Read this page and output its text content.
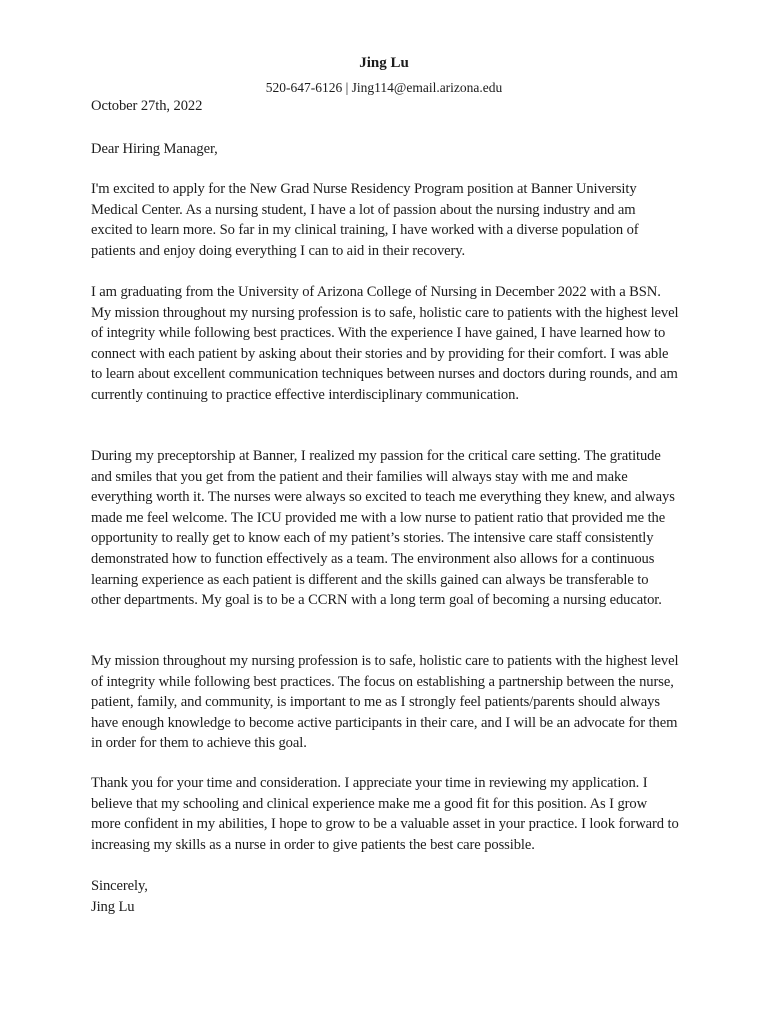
Jing Lu
520-647-6126 | Jing114@email.arizona.edu
October 27th, 2022
Dear Hiring Manager,

I'm excited to apply for the New Grad Nurse Residency Program position at Banner University Medical Center. As a nursing student, I have a lot of passion about the nursing industry and am excited to learn more. So far in my clinical training, I have worked with a diverse population of patients and enjoy doing everything I can to aid in their recovery.

I am graduating from the University of Arizona College of Nursing in December 2022 with a BSN. My mission throughout my nursing profession is to safe, holistic care to patients with the highest level of integrity while following best practices. With the experience I have gained, I have learned how to connect with each patient by asking about their stories and by providing for their comfort. I was able to learn about excellent communication techniques between nurses and doctors during rounds, and am currently continuing to practice effective interdisciplinary communication.

During my preceptorship at Banner, I realized my passion for the critical care setting. The gratitude and smiles that you get from the patient and their families will always stay with me and make everything worth it. The nurses were always so excited to teach me everything they knew, and always made me feel welcome. The ICU provided me with a low nurse to patient ratio that provided me the opportunity to really get to know each of my patient’s stories. The intensive care staff consistently demonstrated how to function effectively as a team. The environment also allows for a continuous learning experience as each patient is different and the skills gained can always be transferable to other departments. My goal is to be a CCRN with a long term goal of becoming a nursing educator.

My mission throughout my nursing profession is to safe, holistic care to patients with the highest level of integrity while following best practices. The focus on establishing a partnership between the nurse, patient, family, and community, is important to me as I strongly feel patients/parents should always have enough knowledge to become active participants in their care, and I will be an advocate for them in order for them to achieve this goal.

Thank you for your time and consideration. I appreciate your time in reviewing my application. I believe that my schooling and clinical experience make me a good fit for this position. As I grow more confident in my abilities, I hope to grow to be a valuable asset in your practice. I look forward to increasing my skills as a nurse in order to give patients the best care possible.

Sincerely,
Jing Lu
